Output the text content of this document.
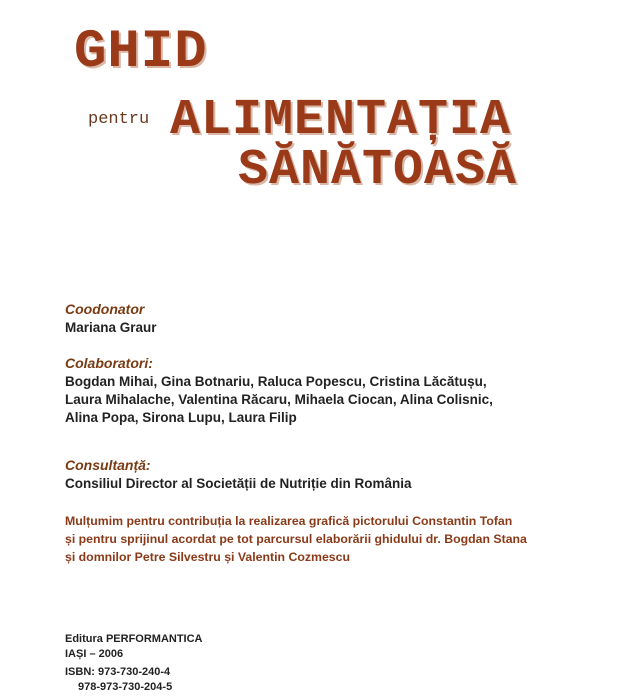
GHID
pentru ALIMENTAȚIA
SĂNĂTOASĂ
Coodonator
Mariana Graur
Colaboratori:
Bogdan Mihai, Gina Botnariu, Raluca Popescu, Cristina Lăcătușu,
Laura Mihalache, Valentina Răcaru, Mihaela Ciocan, Alina Colisnic,
Alina Popa, Sirona Lupu, Laura Filip
Consultanță:
Consiliul Director al Societății de Nutriție din România
Mulțumim pentru contribuția la realizarea grafică pictorului Constantin Tofan
și pentru sprijinul acordat pe tot parcursul elaborării ghidului dr. Bogdan Stana
și domnilor Petre Silvestru și Valentin Cozmescu
Editura PERFORMANTICA
IAȘI – 2006
ISBN: 973-730-240-4
978-973-730-204-5
